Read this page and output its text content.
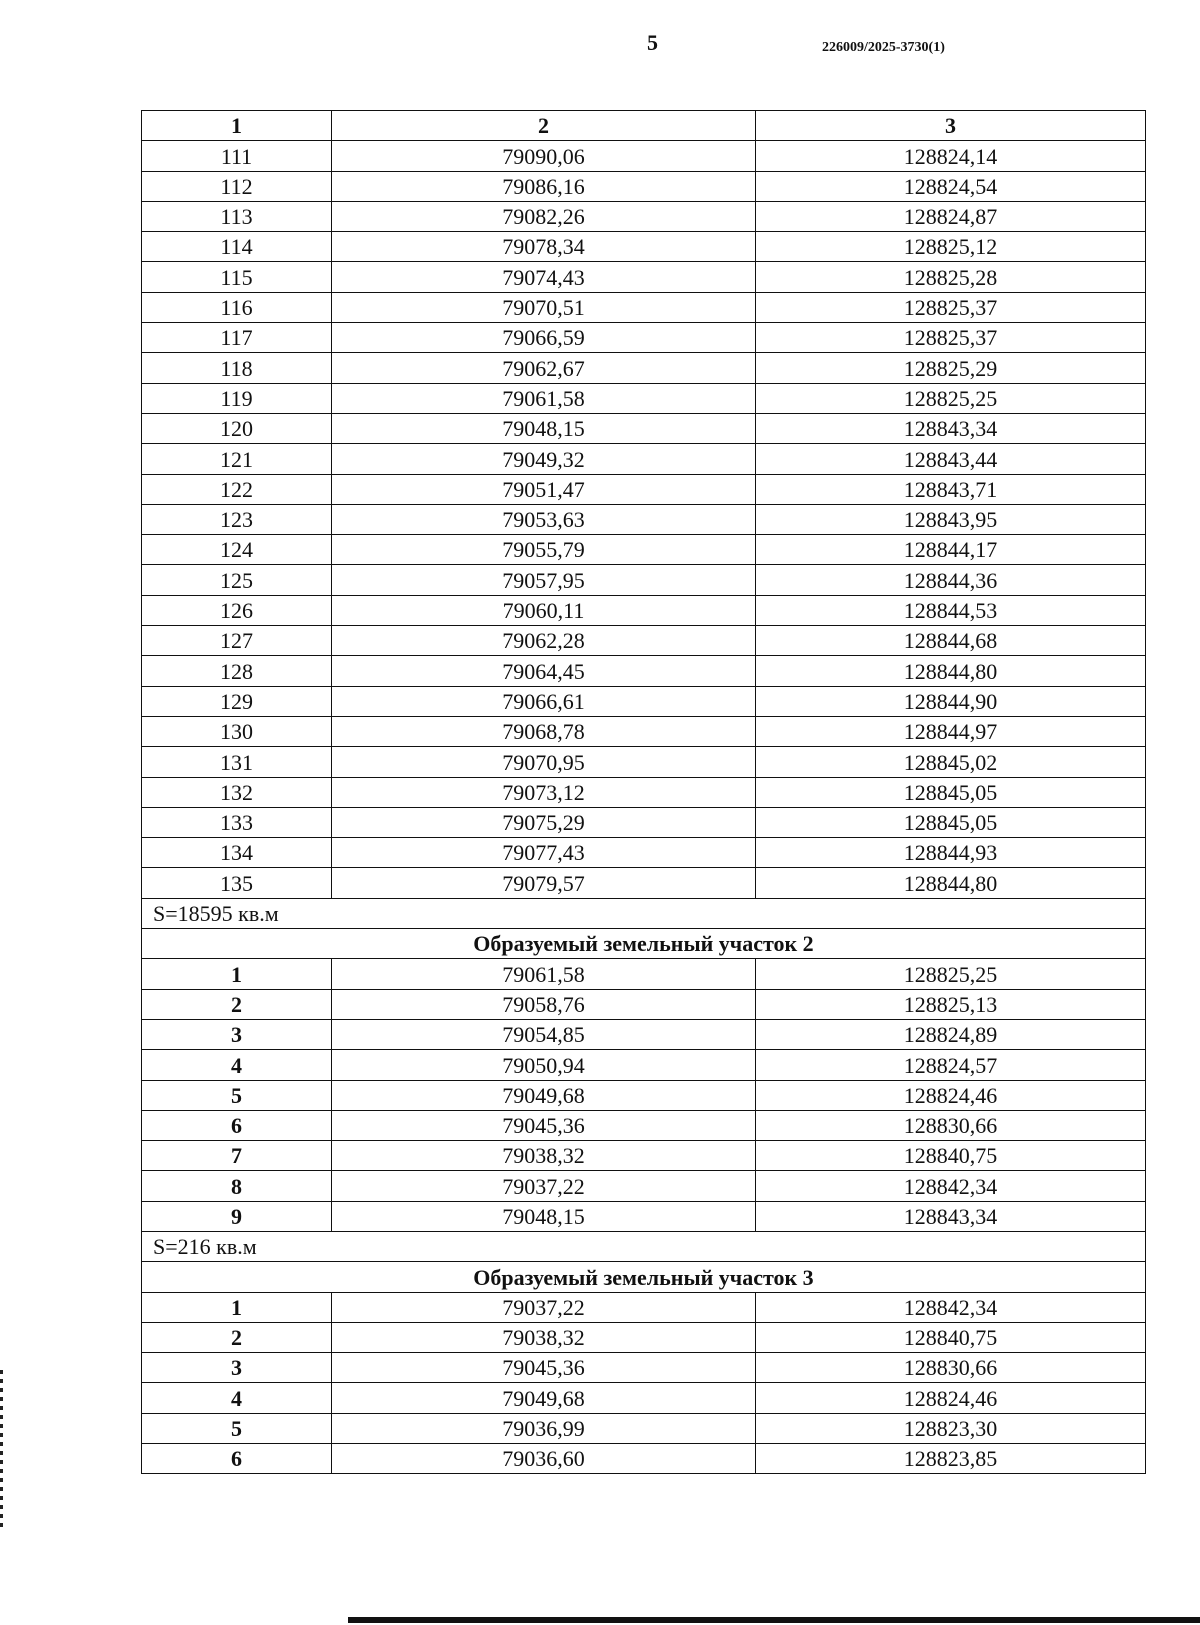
5	226009/2025-3730(1)
1	2	3
111	79090,06	128824,14
112	79086,16	128824,54
113	79082,26	128824,87
114	79078,34	128825,12
115	79074,43	128825,28
116	79070,51	128825,37
117	79066,59	128825,37
118	79062,67	128825,29
119	79061,58	128825,25
120	79048,15	128843,34
121	79049,32	128843,44
122	79051,47	128843,71
123	79053,63	128843,95
124	79055,79	128844,17
125	79057,95	128844,36
126	79060,11	128844,53
127	79062,28	128844,68
128	79064,45	128844,80
129	79066,61	128844,90
130	79068,78	128844,97
131	79070,95	128845,02
132	79073,12	128845,05
133	79075,29	128845,05
134	79077,43	128844,93
135	79079,57	128844,80
S=18595 кв.м		
Образуемый земельный участок 2		
1	79061,58	128825,25
2	79058,76	128825,13
3	79054,85	128824,89
4	79050,94	128824,57
5	79049,68	128824,46
6	79045,36	128830,66
7	79038,32	128840,75
8	79037,22	128842,34
9	79048,15	128843,34
S=216 кв.м		
Образуемый земельный участок 3		
1	79037,22	128842,34
2	79038,32	128840,75
3	79045,36	128830,66
4	79049,68	128824,46
5	79036,99	128823,30
6	79036,60	128823,85
